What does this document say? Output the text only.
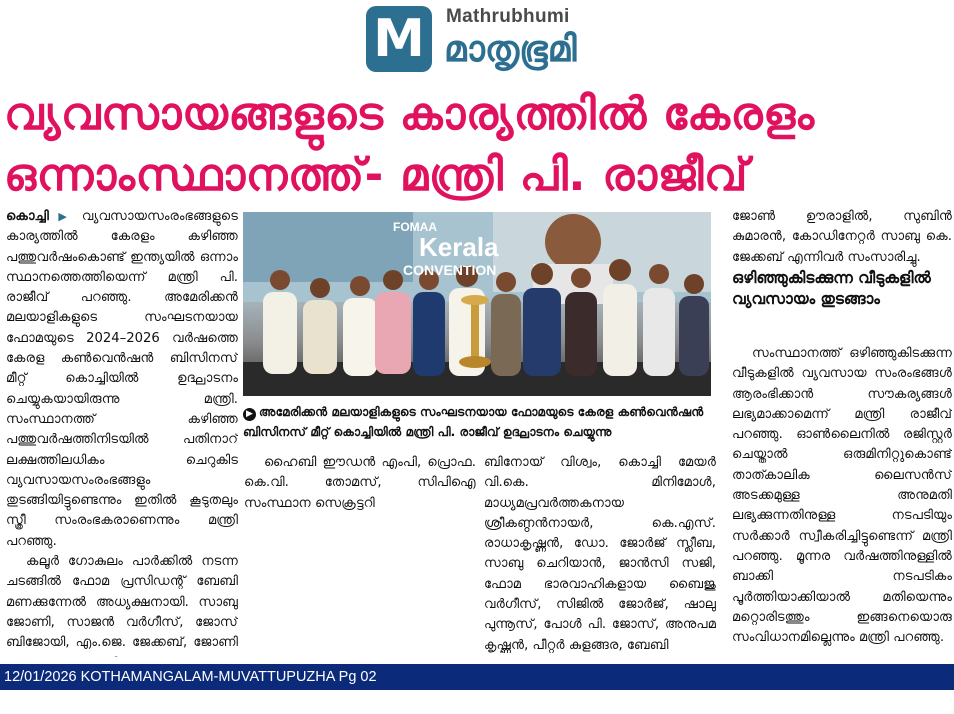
M Mathrubhumi
മാതൃഭൂമി
വ്യവസായങ്ങളുടെ കാര്യത്തിൽ കേരളം
ഒന്നാംസ്ഥാനത്ത്- മന്ത്രി പി. രാജീവ്
കൊച്ചി ▶ വ്യവസായസംരംഭങ്ങളുടെ കാര്യത്തിൽ കേരളം കഴിഞ്ഞ പത്തുവർഷംകൊണ്ട് ഇന്ത്യയിൽ ഒന്നാം സ്ഥാനത്തെത്തിയെന്ന് മന്ത്രി പി. രാജീവ് പറഞ്ഞു. അമേരിക്കൻ മലയാളികളുടെ സംഘടനയായ ഫോമയുടെ 2024–2026 വർഷത്തെ കേരള കൺവെൻഷൻ ബിസിനസ് മീറ്റ് കൊച്ചിയിൽ ഉദ്ഘാടനം ചെയ്യുകയായിരുന്നു മന്ത്രി. സംസ്ഥാനത്ത് കഴിഞ്ഞ പത്തുവർഷത്തിനിടയിൽ പതിനാറ് ലക്ഷത്തിലധികം ചെറുകിട വ്യവസായസംരംഭങ്ങളും തുടങ്ങിയിട്ടുണ്ടെന്നും ഇതിൽ കൂടുതലും സ്ത്രീ സംരംഭകരാണെന്നും മന്ത്രി പറഞ്ഞു.
കലൂർ ഗോകുലം പാർക്കിൽ നടന്ന ചടങ്ങിൽ ഫോമ പ്രസിഡന്റ് ബേബി മണക്കുന്നേൽ അധ്യക്ഷനായി. സാബു ജോണി, സാജൻ വർഗീസ്, ജോസ് ബിജോയി, എം.ജെ. ജേക്കബ്, ജോണി
FOMAA
Kerala
CONVENTION
▶ അമേരിക്കൻ മലയാളികളുടെ സംഘടനയായ ഫോമയുടെ കേരള കൺവെൻഷൻ ബിസിനസ് മീറ്റ് കൊച്ചിയിൽ മന്ത്രി പി. രാജീവ് ഉദ്ഘാടനം ചെയ്യുന്നു
ഹൈബി ഈഡൻ എംപി, പ്രൊഫ. കെ.വി. തോമസ്, സിപിഐ സംസ്ഥാന സെക്രട്ടറി
ബിനോയ് വിശ്വം, കൊച്ചി മേയർ വി.കെ. മിനിമോൾ, മാധ്യമപ്രവർത്തകനായ ശ്രീകണ്ഠൻനായർ, കെ.എസ്. രാധാകൃഷ്ണൻ, ഡോ. ജോർജ് സ്ലീബ, സാബു ചെറിയാൻ, ജാൻസി സജി, ഫോമ ഭാരവാഹികളായ ബൈജു വർഗീസ്, സിജിൽ ജോർജ്, ഷാലു പുന്നൂസ്, പോൾ പി. ജോസ്, അനുപമ കൃഷ്ണൻ, പീറ്റർ കുളങ്ങര, ബേബി
ജോൺ ഊരാളിൽ, സുബിൻ കുമാരൻ, കോഡിനേറ്റർ സാബു കെ. ജേക്കബ് എന്നിവർ സംസാരിച്ചു.
ഒഴിഞ്ഞുകിടക്കുന്ന വീടുകളിൽ വ്യവസായം തുടങ്ങാം
സംസ്ഥാനത്ത് ഒഴിഞ്ഞുകിടക്കുന്ന വീടുകളിൽ വ്യവസായ സംരംഭങ്ങൾ ആരംഭിക്കാൻ സൗകര്യങ്ങൾ ലഭ്യമാക്കാമെന്ന് മന്ത്രി രാജീവ് പറഞ്ഞു. ഓൺലൈനിൽ രജിസ്റ്റർ ചെയ്താൽ ഒരുമിനിറ്റുകൊണ്ട് താത്കാലിക ലൈസൻസ് അടക്കമുള്ള അനുമതി ലഭ്യക്കുന്നതിനുള്ള നടപടിയും സർക്കാർ സ്വീകരിച്ചിട്ടുണ്ടെന്ന് മന്ത്രി പറഞ്ഞു. മൂന്നര വർഷത്തിനുള്ളിൽ ബാക്കി നടപടികം പൂർത്തിയാക്കിയാൽ മതിയെന്നും മറ്റൊരിടത്തും ഇങ്ങനെയൊരു സംവിധാനമില്ലെന്നും മന്ത്രി പറഞ്ഞു.
12/01/2026 KOTHAMANGALAM-MUVATTUPUZHA Pg 02
